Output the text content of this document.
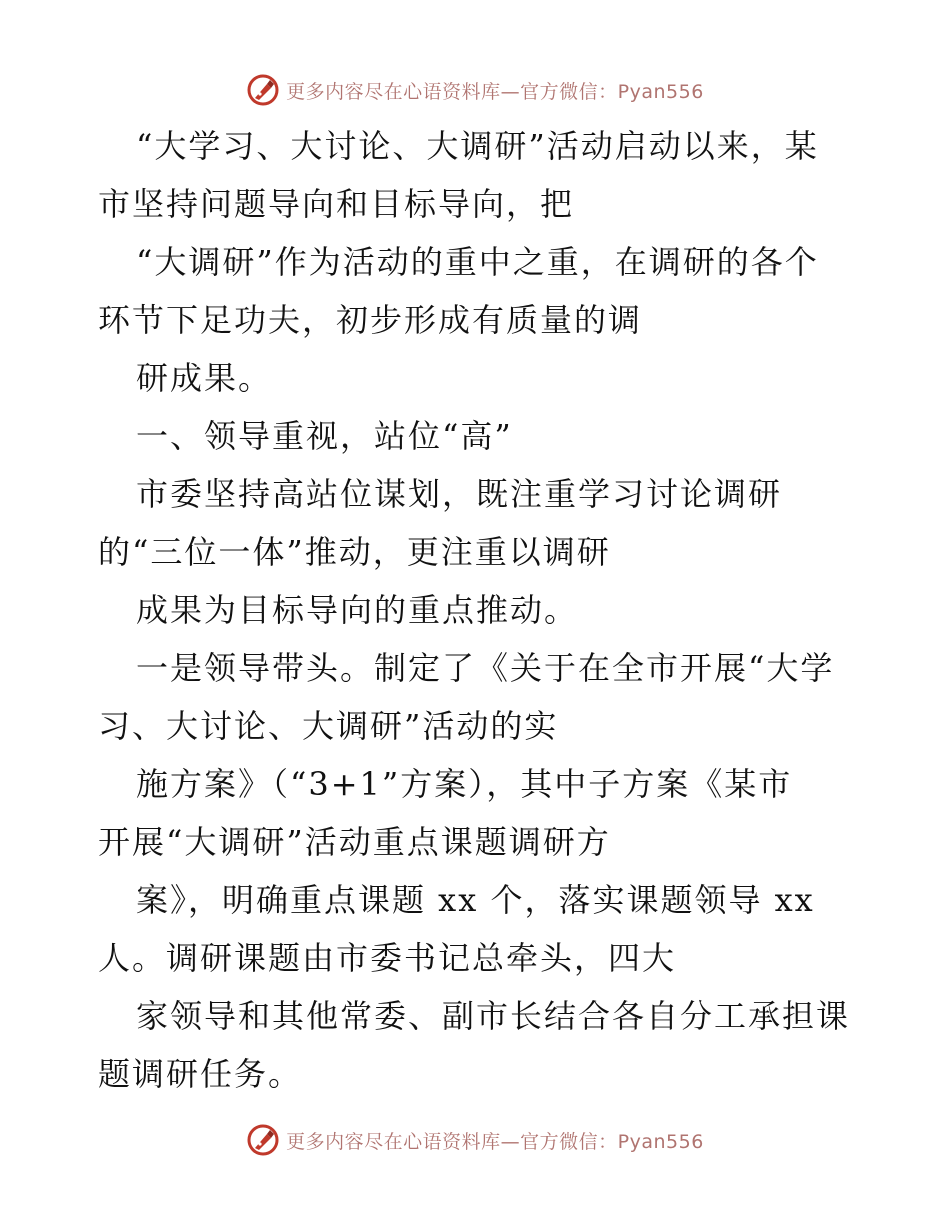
更多内容尽在心语资料库—官方微信：Pyan556
“大学习、大讨论、大调研”活动启动以来，某
市坚持问题导向和目标导向，把
“大调研”作为活动的重中之重，在调研的各个
环节下足功夫，初步形成有质量的调
研成果。
一、领导重视，站位“高”
市委坚持高站位谋划，既注重学习讨论调研
的“三位一体”推动，更注重以调研
成果为目标导向的重点推动。
一是领导带头。制定了《关于在全市开展“大学
习、大讨论、大调研”活动的实
施方案》（“3+1”方案），其中子方案《某市
开展“大调研”活动重点课题调研方
案》，明确重点课题 xx 个，落实课题领导 xx
人。调研课题由市委书记总牵头，四大
家领导和其他常委、副市长结合各自分工承担课
题调研任务。
更多内容尽在心语资料库—官方微信：Pyan556
